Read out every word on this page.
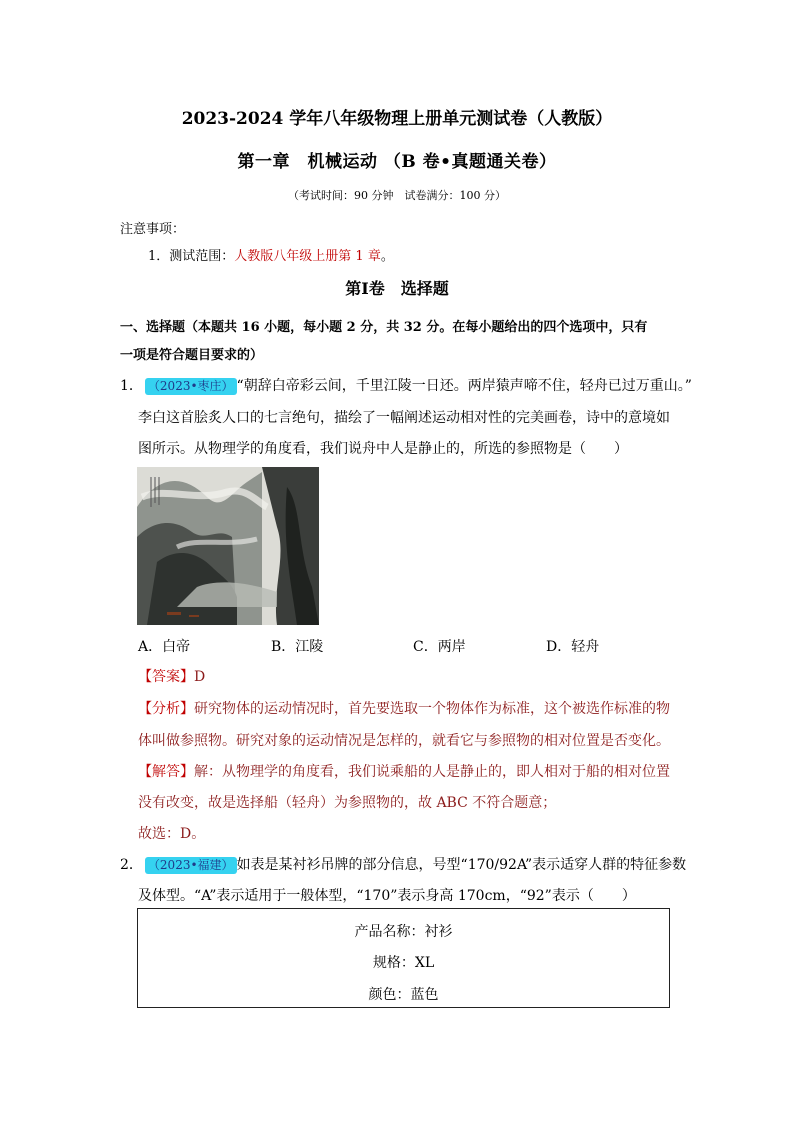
2023-2024 学年八年级物理上册单元测试卷（人教版）
第一章　机械运动 （B 卷•真题通关卷）
（考试时间：90 分钟　试卷满分：100 分）
注意事项：
1．测试范围：人教版八年级上册第 1 章。
第Ⅰ卷　选择题
一、选择题（本题共 16 小题，每小题 2 分，共 32 分。在每小题给出的四个选项中，只有
一项是符合题目要求的）
1． （2023•枣庄） “朝辞白帝彩云间，千里江陵一日还。两岸猿声啼不住，轻舟已过万重山。”
李白这首脍炙人口的七言绝句，描绘了一幅阐述运动相对性的完美画卷，诗中的意境如
图所示。从物理学的角度看，我们说舟中人是静止的，所选的参照物是（　　）
A．白帝	B．江陵	C．两岸	D．轻舟
【答案】D
【分析】研究物体的运动情况时，首先要选取一个物体作为标准，这个被选作标准的物
体叫做参照物。研究对象的运动情况是怎样的，就看它与参照物的相对位置是否变化。
【解答】解：从物理学的角度看，我们说乘船的人是静止的，即人相对于船的相对位置
没有改变，故是选择船（轻舟）为参照物的，故 ABC 不符合题意；
故选：D。
2． （2023•福建） 如表是某衬衫吊牌的部分信息，号型“170/92A”表示适穿人群的特征参数
及体型。“A”表示适用于一般体型，“170”表示身高 170cm，“92”表示（　　）
产品名称：衬衫
规格：XL
颜色：蓝色
